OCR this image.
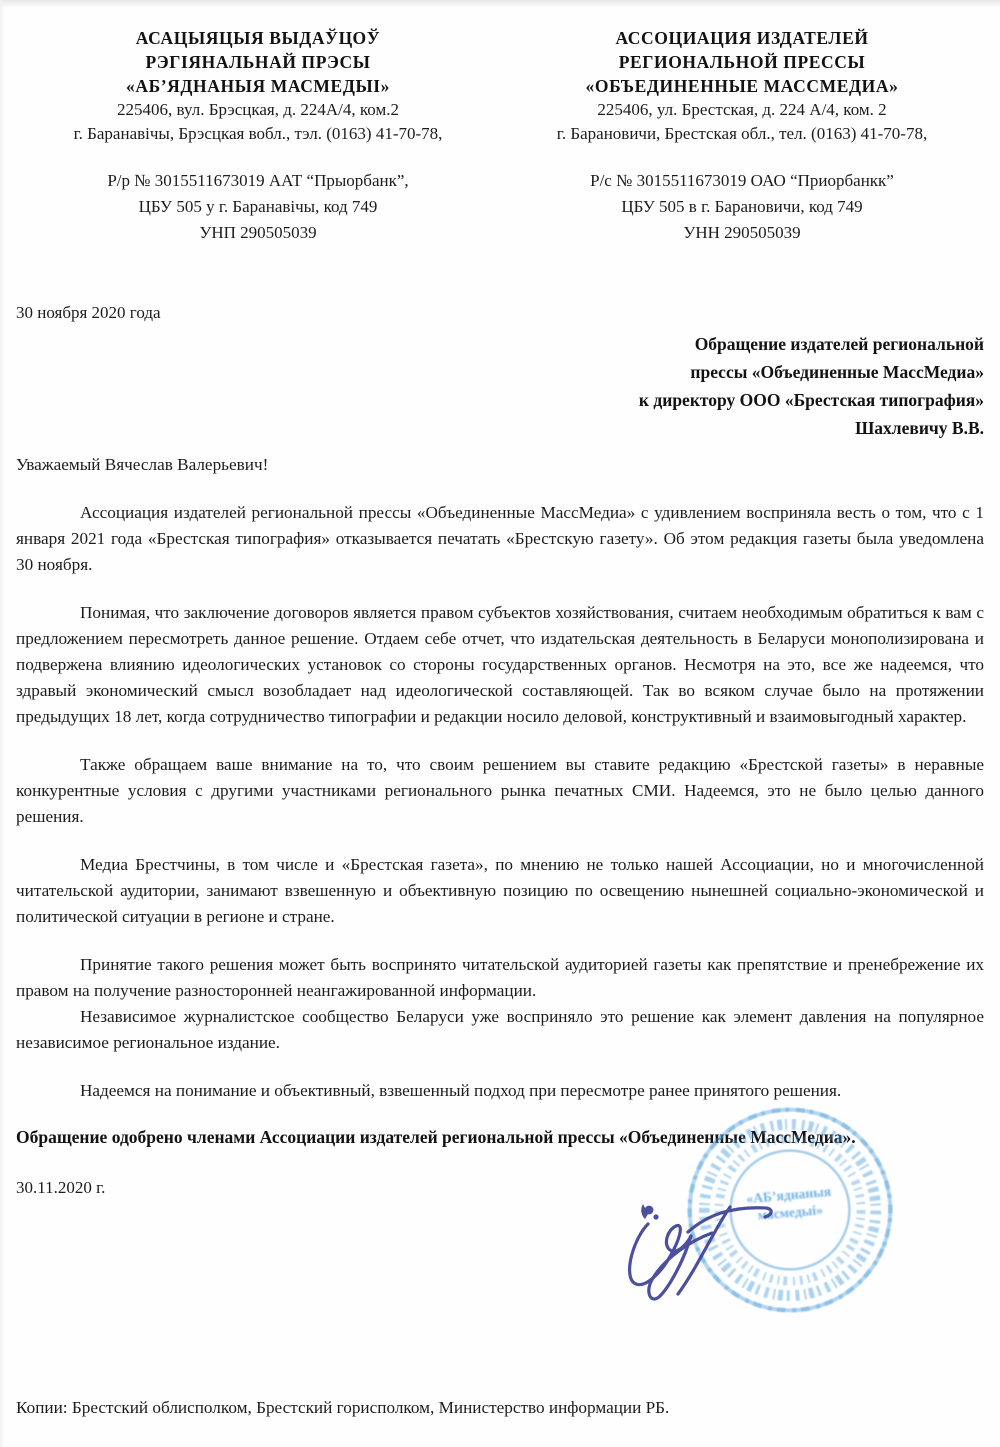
АСАЦЫЯЦЫЯ ВЫДАЎЦОЎ
РЭГІЯНАЛЬНАЙ ПРЭСЫ
«АБ’ЯДНАНЫЯ МАСМЕДЫІ»
225406, вул. Брэсцкая, д. 224А/4, ком.2
г. Баранавічы, Брэсцкая вобл., тэл. (0163) 41-70-78,
Р/р № 3015511673019 ААТ “Прыорбанк”,
ЦБУ 505 у г. Баранавічы, код 749
УНП 290505039
АССОЦИАЦИЯ ИЗДАТЕЛЕЙ
РЕГИОНАЛЬНОЙ ПРЕССЫ
«ОБЪЕДИНЕННЫЕ МАССМЕДИА»
225406, ул. Брестская, д. 224 А/4, ком. 2
г. Барановичи, Брестская обл., тел. (0163) 41-70-78,
Р/с № 3015511673019 ОАО “Приорбанкк”
ЦБУ 505 в г. Барановичи, код 749
УНН 290505039
30 ноября 2020 года
Обращение издателей региональной
прессы «Объединенные МассМедиа»
к директору ООО «Брестская типография»
Шахлевичу В.В.
Уважаемый Вячеслав Валерьевич!

Ассоциация издателей региональной прессы «Объединенные МассМедиа» с удивлением восприняла весть о том, что с 1 января 2021 года «Брестская типография» отказывается печатать «Брестскую газету». Об этом редакция газеты была уведомлена 30 ноября.

Понимая, что заключение договоров является правом субъектов хозяйствования, считаем необходимым обратиться к вам с предложением пересмотреть данное решение. Отдаем себе отчет, что издательская деятельность в Беларуси монополизирована и подвержена влиянию идеологических установок со стороны государственных органов. Несмотря на это, все же надеемся, что здравый экономический смысл возобладает над идеологической составляющей. Так во всяком случае было на протяжении предыдущих 18 лет, когда сотрудничество типографии и редакции носило деловой, конструктивный и взаимовыгодный характер.

Также обращаем ваше внимание на то, что своим решением вы ставите редакцию «Брестской газеты» в неравные конкурентные условия с другими участниками регионального рынка печатных СМИ. Надеемся, это не было целью данного решения.

Медиа Брестчины, в том числе и «Брестская газета», по мнению не только нашей Ассоциации, но и многочисленной читательской аудитории, занимают взвешенную и объективную позицию по освещению нынешней социально-экономической и политической ситуации в регионе и стране.

Принятие такого решения может быть воспринято читательской аудиторией газеты как препятствие и пренебрежение их правом на получение разносторонней неангажированной информации.

Независимое журналистское сообщество Беларуси уже восприняло это решение как элемент давления на популярное независимое региональное издание.

Надеемся на понимание и объективный, взвешенный подход при пересмотре ранее принятого решения.

Обращение одобрено членами Ассоциации издателей региональной прессы «Объединенные МассМедиа».

30.11.2020 г.	«АБ’яднаныя
масмедыі»
Копии: Брестский облисполком, Брестский горисполком, Министерство информации РБ.
